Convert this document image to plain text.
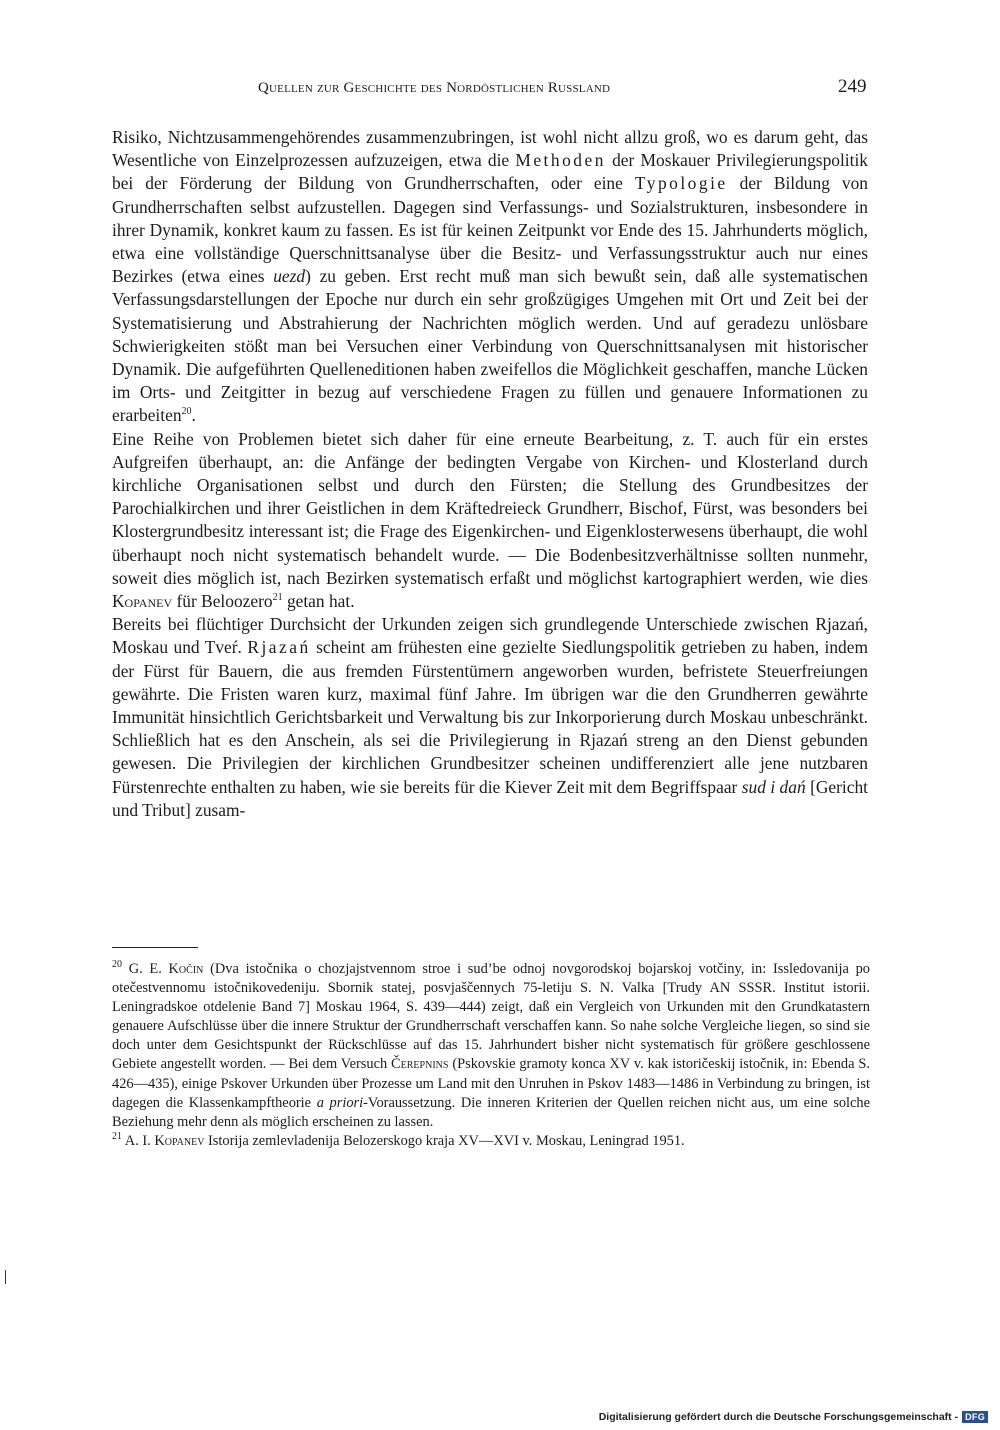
Quellen zur Geschichte des Nordöstlichen Russland	249

Risiko, Nichtzusammengehörendes zusammenzubringen, ist wohl nicht allzu groß, wo es darum geht, das Wesentliche von Einzelprozessen aufzuzeigen, etwa die Methoden der Moskauer Privilegierungspolitik bei der Förderung der Bildung von Grundherrschaften, oder eine Typologie der Bildung von Grundherrschaften selbst aufzustellen. Dagegen sind Verfassungs- und Sozialstrukturen, insbesondere in ihrer Dynamik, konkret kaum zu fassen. Es ist für keinen Zeitpunkt vor Ende des 15. Jahrhunderts möglich, etwa eine vollständige Querschnittsanalyse über die Besitz- und Verfassungsstruktur auch nur eines Bezirkes (etwa eines uezd) zu geben. Erst recht muß man sich bewußt sein, daß alle systematischen Verfassungsdarstellungen der Epoche nur durch ein sehr großzügiges Umgehen mit Ort und Zeit bei der Systematisierung und Abstrahierung der Nachrichten möglich werden. Und auf geradezu unlösbare Schwierigkeiten stößt man bei Versuchen einer Verbindung von Querschnittsanalysen mit historischer Dynamik. Die aufgeführten Quelleneditionen haben zweifellos die Möglichkeit geschaffen, manche Lücken im Orts- und Zeitgitter in bezug auf verschiedene Fragen zu füllen und genauere Informationen zu erarbeiten$^{20}$.

Eine Reihe von Problemen bietet sich daher für eine erneute Bearbeitung, z. T. auch für ein erstes Aufgreifen überhaupt, an: die Anfänge der bedingten Vergabe von Kirchen- und Klosterland durch kirchliche Organisationen selbst und durch den Fürsten; die Stellung des Grundbesitzes der Parochialkirchen und ihrer Geistlichen in dem Kräftedreieck Grundherr, Bischof, Fürst, was besonders bei Klostergrundbesitz interessant ist; die Frage des Eigenkirchen- und Eigenklosterwesens überhaupt, die wohl überhaupt noch nicht systematisch behandelt wurde. — Die Bodenbesitzverhältnisse sollten nunmehr, soweit dies möglich ist, nach Bezirken systematisch erfaßt und möglichst kartographiert werden, wie dies Kopanev für Beloozero$^{21}$ getan hat.

Bereits bei flüchtiger Durchsicht der Urkunden zeigen sich grundlegende Unterschiede zwischen Rjazań, Moskau und Tveŕ. Rjazań scheint am frühesten eine gezielte Siedlungspolitik getrieben zu haben, indem der Fürst für Bauern, die aus fremden Fürstentümern angeworben wurden, befristete Steuerfreiungen gewährte. Die Fristen waren kurz, maximal fünf Jahre. Im übrigen war die den Grundherren gewährte Immunität hinsichtlich Gerichtsbarkeit und Verwaltung bis zur Inkorporierung durch Moskau unbeschränkt. Schließlich hat es den Anschein, als sei die Privilegierung in Rjazań streng an den Dienst gebunden gewesen. Die Privilegien der kirchlichen Grundbesitzer scheinen undifferenziert alle jene nutzbaren Fürstenrechte enthalten zu haben, wie sie bereits für die Kiever Zeit mit dem Begriffspaar sud i dań [Gericht und Tribut] zusam-

$^{20}$ G. E. Kočin (Dva istočnika o chozjajstvennom stroe i sud’be odnoj novgorodskoj bojarskoj votčiny, in: Issledovanija po otečestvennomu istočnikovedeniju. Sbornik statej, posvjaščennych 75-letiju S. N. Valka [Trudy AN SSSR. Institut istorii. Leningradskoe otdelenie Band 7] Moskau 1964, S. 439—444) zeigt, daß ein Vergleich von Urkunden mit den Grundkatastern genauere Aufschlüsse über die innere Struktur der Grundherrschaft verschaffen kann. So nahe solche Vergleiche liegen, so sind sie doch unter dem Gesichtspunkt der Rückschlüsse auf das 15. Jahrhundert bisher nicht systematisch für größere geschlossene Gebiete angestellt worden. — Bei dem Versuch Čerepnins (Pskovskie gramoty konca XV v. kak istoričeskij istočnik, in: Ebenda S. 426—435), einige Pskover Urkunden über Prozesse um Land mit den Unruhen in Pskov 1483—1486 in Verbindung zu bringen, ist dagegen die Klassenkampftheorie a priori-Voraussetzung. Die inneren Kriterien der Quellen reichen nicht aus, um eine solche Beziehung mehr denn als möglich erscheinen zu lassen.

$^{21}$ A. I. Kopanev Istorija zemlevladenija Belozerskogo kraja XV—XVI v. Moskau, Leningrad 1951.

Digitalisierung gefördert durch die Deutsche Forschungsgemeinschaft - DFG
